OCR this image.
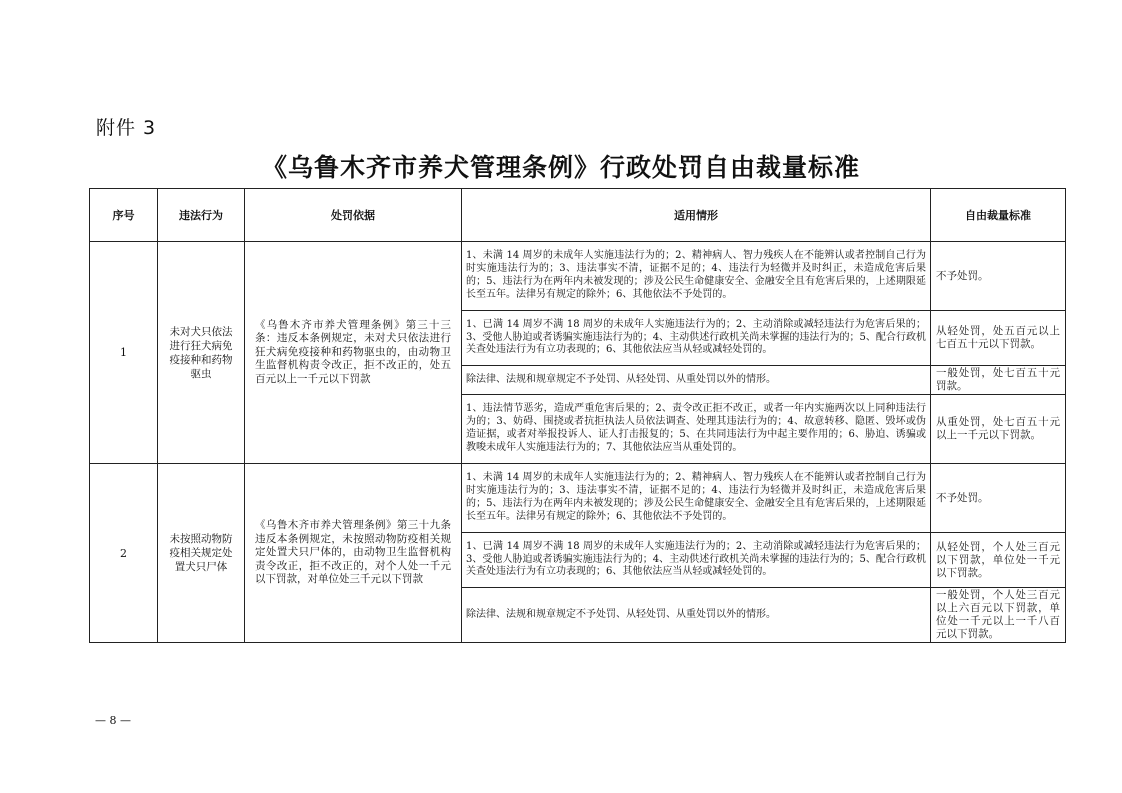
附件 3
《乌鲁木齐市养犬管理条例》行政处罚自由裁量标准
序号	违法行为	处罚依据	适用情形	自由裁量标准
1	未对犬只依法进行狂犬病免疫接种和药物驱虫	《乌鲁木齐市养犬管理条例》第三十三条：违反本条例规定，未对犬只依法进行狂犬病免疫接种和药物驱虫的，由动物卫生监督机构责令改正，拒不改正的，处五百元以上一千元以下罚款	1、未满 14 周岁的未成年人实施违法行为的；2、精神病人、智力残疾人在不能辨认或者控制自己行为时实施违法行为的；3、违法事实不清，证据不足的；4、违法行为轻微并及时纠正，未造成危害后果的；5、违法行为在两年内未被发现的；涉及公民生命健康安全、金融安全且有危害后果的，上述期限延长至五年。法律另有规定的除外；6、其他依法不予处罚的。	不予处罚。
			1、已满 14 周岁不满 18 周岁的未成年人实施违法行为的；2、主动消除或减轻违法行为危害后果的；3、受他人胁迫或者诱骗实施违法行为的；4、主动供述行政机关尚未掌握的违法行为的；5、配合行政机关查处违法行为有立功表现的；6、其他依法应当从轻或减轻处罚的。	从轻处罚，处五百元以上七百五十元以下罚款。
			除法律、法规和规章规定不予处罚、从轻处罚、从重处罚以外的情形。	一般处罚，处七百五十元罚款。
			1、违法情节恶劣，造成严重危害后果的；2、责令改正拒不改正，或者一年内实施两次以上同种违法行为的；3、妨碍、围挠或者抗拒执法人员依法调查、处理其违法行为的；4、故意转移、隐匿、毁坏或伪造证据，或者对举报投诉人、证人打击报复的；5、在共同违法行为中起主要作用的；6、胁迫、诱骗或教唆未成年人实施违法行为的；7、其他依法应当从重处罚的。	从重处罚，处七百五十元以上一千元以下罚款。
2	未按照动物防疫相关规定处置犬只尸体	《乌鲁木齐市养犬管理条例》第三十九条 违反本条例规定，未按照动物防疫相关规定处置犬只尸体的，由动物卫生监督机构责令改正，拒不改正的，对个人处一千元以下罚款，对单位处三千元以下罚款	1、未满 14 周岁的未成年人实施违法行为的；2、精神病人、智力残疾人在不能辨认或者控制自己行为时实施违法行为的；3、违法事实不清，证据不足的；4、违法行为轻微并及时纠正，未造成危害后果的；5、违法行为在两年内未被发现的；涉及公民生命健康安全、金融安全且有危害后果的，上述期限延长至五年。法律另有规定的除外；6、其他依法不予处罚的。	不予处罚。
			1、已满 14 周岁不满 18 周岁的未成年人实施违法行为的；2、主动消除或减轻违法行为危害后果的；3、受他人胁迫或者诱骗实施违法行为的；4、主动供述行政机关尚未掌握的违法行为的；5、配合行政机关查处违法行为有立功表现的；6、其他依法应当从轻或减轻处罚的。	从轻处罚，个人处三百元以下罚款，单位处一千元以下罚款。
			除法律、法规和规章规定不予处罚、从轻处罚、从重处罚以外的情形。	一般处罚，个人处三百元以上六百元以下罚款，单位处一千元以上一千八百元以下罚款。
— 8 —
